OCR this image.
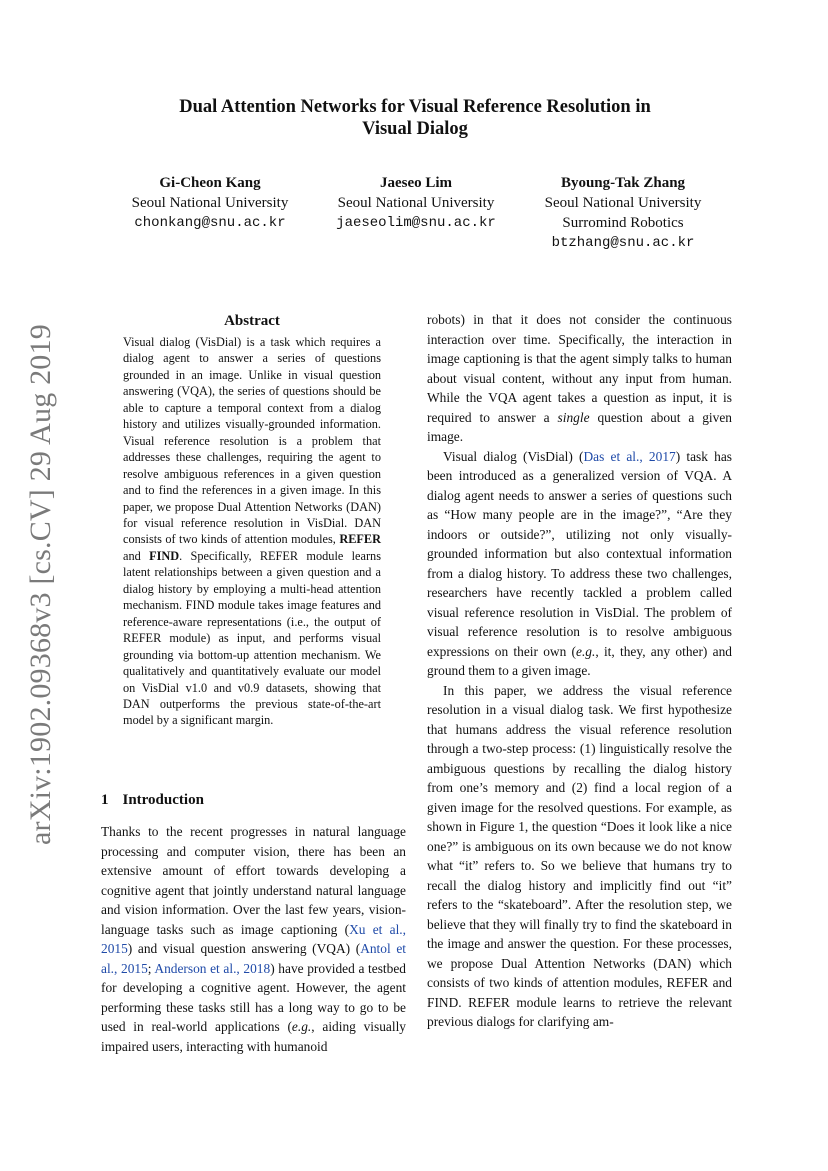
Dual Attention Networks for Visual Reference Resolution in
Visual Dialog
Gi-Cheon Kang
Seoul National University
chonkang@snu.ac.kr
Jaeseo Lim
Seoul National University
jaeseolim@snu.ac.kr
Byoung-Tak Zhang
Seoul National University
Surromind Robotics
btzhang@snu.ac.kr
arXiv:1902.09368v3 [cs.CV] 29 Aug 2019
Abstract

Visual dialog (VisDial) is a task which requires a dialog agent to answer a series of questions grounded in an image. Unlike in visual question answering (VQA), the series of questions should be able to capture a temporal context from a dialog history and utilizes visually-grounded information. Visual reference resolution is a problem that addresses these challenges, requiring the agent to resolve ambiguous references in a given question and to find the references in a given image. In this paper, we propose Dual Attention Networks (DAN) for visual reference resolution in VisDial. DAN consists of two kinds of attention modules, REFER and FIND. Specifically, REFER module learns latent relationships between a given question and a dialog history by employing a multi-head attention mechanism. FIND module takes image features and reference-aware representations (i.e., the output of REFER module) as input, and performs visual grounding via bottom-up attention mechanism. We qualitatively and quantitatively evaluate our model on VisDial v1.0 and v0.9 datasets, showing that DAN outperforms the previous state-of-the-art model by a significant margin.

1 Introduction

Thanks to the recent progresses in natural language processing and computer vision, there has been an extensive amount of effort towards developing a cognitive agent that jointly understand natural language and vision information. Over the last few years, vision-language tasks such as image captioning (Xu et al., 2015) and visual question answering (VQA) (Antol et al., 2015; Anderson et al., 2018) have provided a testbed for developing a cognitive agent. However, the agent performing these tasks still has a long way to go to be used in real-world applications (e.g., aiding visually impaired users, interacting with humanoid

robots) in that it does not consider the continuous interaction over time. Specifically, the interaction in image captioning is that the agent simply talks to human about visual content, without any input from human. While the VQA agent takes a question as input, it is required to answer a single question about a given image.

Visual dialog (VisDial) (Das et al., 2017) task has been introduced as a generalized version of VQA. A dialog agent needs to answer a series of questions such as “How many people are in the image?”, “Are they indoors or outside?”, utilizing not only visually-grounded information but also contextual information from a dialog history. To address these two challenges, researchers have recently tackled a problem called visual reference resolution in VisDial. The problem of visual reference resolution is to resolve ambiguous expressions on their own (e.g., it, they, any other) and ground them to a given image.

In this paper, we address the visual reference resolution in a visual dialog task. We first hypothesize that humans address the visual reference resolution through a two-step process: (1) linguistically resolve the ambiguous questions by recalling the dialog history from one’s memory and (2) find a local region of a given image for the resolved questions. For example, as shown in Figure 1, the question “Does it look like a nice one?” is ambiguous on its own because we do not know what “it” refers to. So we believe that humans try to recall the dialog history and implicitly find out “it” refers to the “skateboard”. After the resolution step, we believe that they will finally try to find the skateboard in the image and answer the question. For these processes, we propose Dual Attention Networks (DAN) which consists of two kinds of attention modules, REFER and FIND. REFER module learns to retrieve the relevant previous dialogs for clarifying am-
